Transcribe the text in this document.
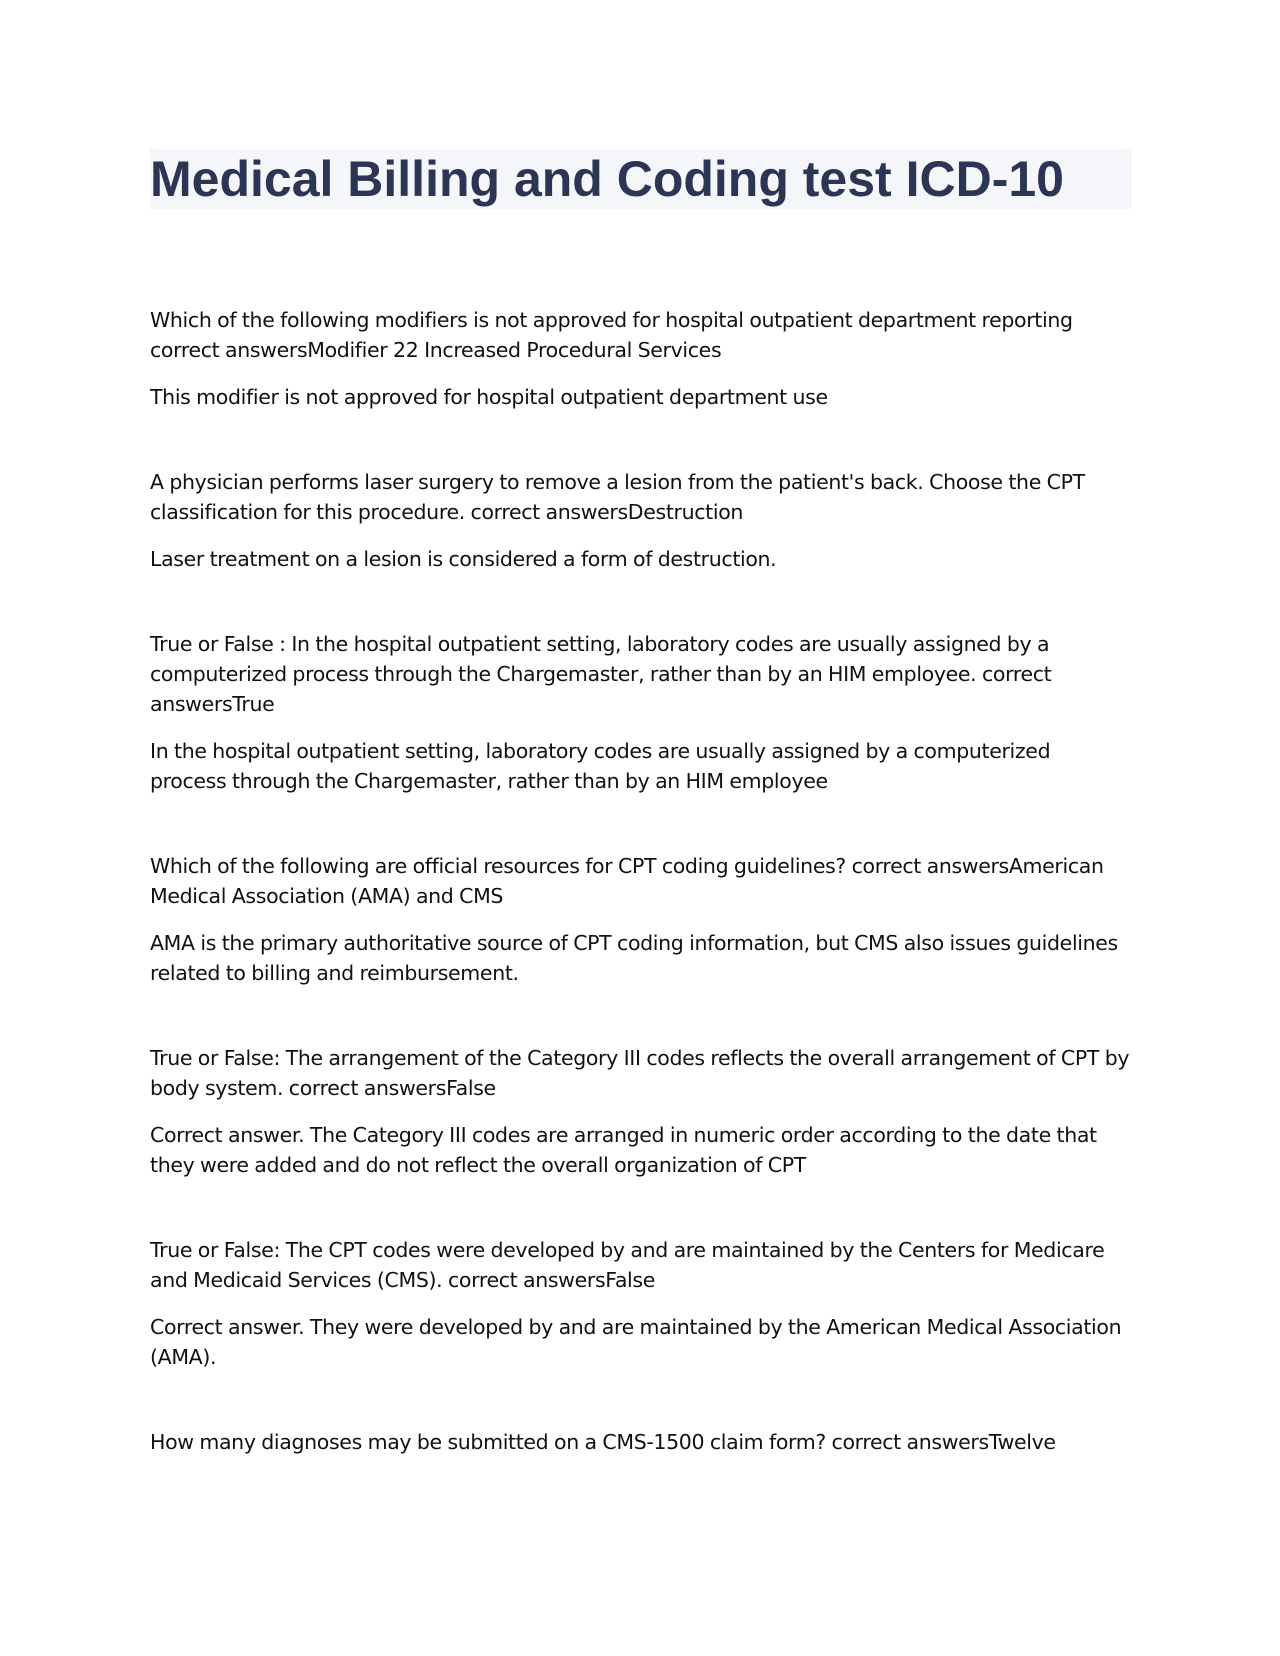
Medical Billing and Coding test ICD-10

Which of the following modifiers is not approved for hospital outpatient department reporting correct answersModifier 22 Increased Procedural Services

This modifier is not approved for hospital outpatient department use

A physician performs laser surgery to remove a lesion from the patient's back. Choose the CPT classification for this procedure. correct answersDestruction

Laser treatment on a lesion is considered a form of destruction.

True or False : In the hospital outpatient setting, laboratory codes are usually assigned by a computerized process through the Chargemaster, rather than by an HIM employee. correct answersTrue

In the hospital outpatient setting, laboratory codes are usually assigned by a computerized process through the Chargemaster, rather than by an HIM employee

Which of the following are official resources for CPT coding guidelines? correct answersAmerican Medical Association (AMA) and CMS

AMA is the primary authoritative source of CPT coding information, but CMS also issues guidelines related to billing and reimbursement.

True or False: The arrangement of the Category III codes reflects the overall arrangement of CPT by body system. correct answersFalse

Correct answer. The Category III codes are arranged in numeric order according to the date that they were added and do not reflect the overall organization of CPT

True or False: The CPT codes were developed by and are maintained by the Centers for Medicare and Medicaid Services (CMS). correct answersFalse

Correct answer. They were developed by and are maintained by the American Medical Association (AMA).

How many diagnoses may be submitted on a CMS-1500 claim form? correct answersTwelve
